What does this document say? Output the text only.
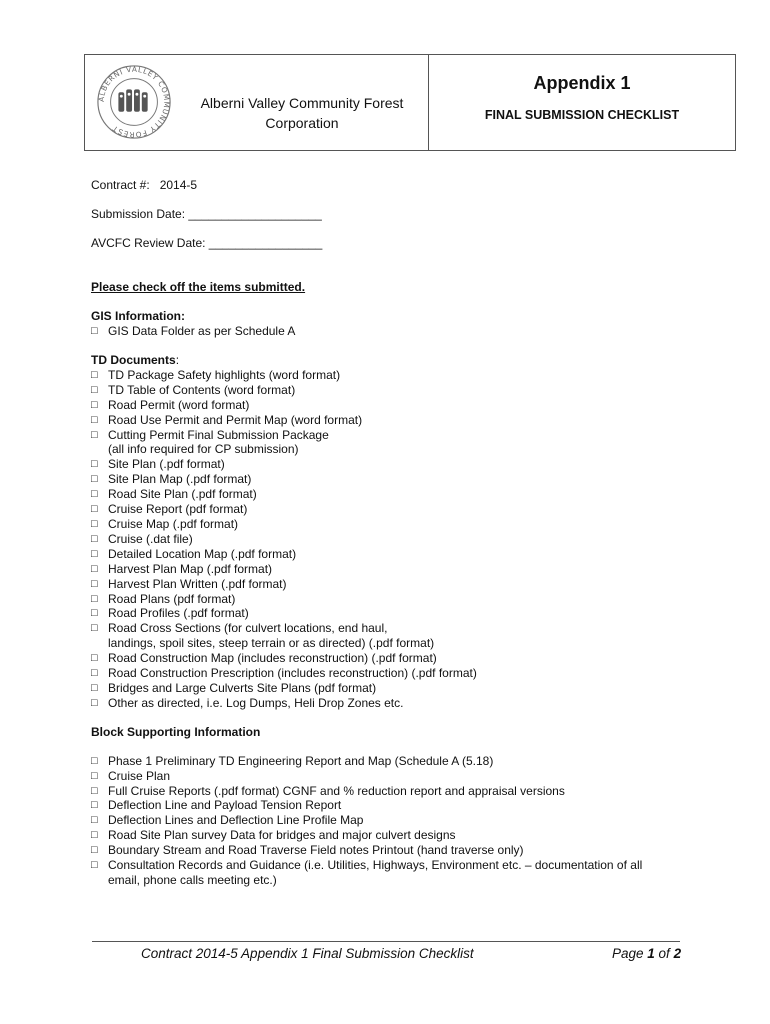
ALBERNI VALLEY COMMUNITY FOREST
Alberni Valley Community Forest
Corporation
Appendix 1
FINAL SUBMISSION CHECKLIST
Contract #:   2014-5
Submission Date: ____________________
AVCFC Review Date: _________________
Please check off the items submitted.
GIS Information:
□ GIS Data Folder as per Schedule A
TD Documents:
□ TD Package Safety highlights (word format)
□ TD Table of Contents (word format)
□ Road Permit (word format)
□ Road Use Permit and Permit Map (word format)
□ Cutting Permit Final Submission Package
(all info required for CP submission)
□ Site Plan (.pdf format)
□ Site Plan Map (.pdf format)
□ Road Site Plan (.pdf format)
□ Cruise Report (pdf format)
□ Cruise Map (.pdf format)
□ Cruise (.dat file)
□ Detailed Location Map (.pdf format)
□ Harvest Plan Map (.pdf format)
□ Harvest Plan Written (.pdf format)
□ Road Plans (pdf format)
□ Road Profiles (.pdf format)
□ Road Cross Sections (for culvert locations, end haul,
landings, spoil sites, steep terrain or as directed) (.pdf format)
□ Road Construction Map (includes reconstruction) (.pdf format)
□ Road Construction Prescription (includes reconstruction) (.pdf format)
□ Bridges and Large Culverts Site Plans (pdf format)
□ Other as directed, i.e. Log Dumps, Heli Drop Zones etc.
Block Supporting Information
□ Phase 1 Preliminary TD Engineering Report and Map (Schedule A (5.18)
□ Cruise Plan
□ Full Cruise Reports (.pdf format) CGNF and % reduction report and appraisal versions
□ Deflection Line and Payload Tension Report
□ Deflection Lines and Deflection Line Profile Map
□ Road Site Plan survey Data for bridges and major culvert designs
□ Boundary Stream and Road Traverse Field notes Printout (hand traverse only)
□ Consultation Records and Guidance (i.e. Utilities, Highways, Environment etc. – documentation of all
email, phone calls meeting etc.)
Contract 2014-5 Appendix 1 Final Submission Checklist	Page 1 of 2
